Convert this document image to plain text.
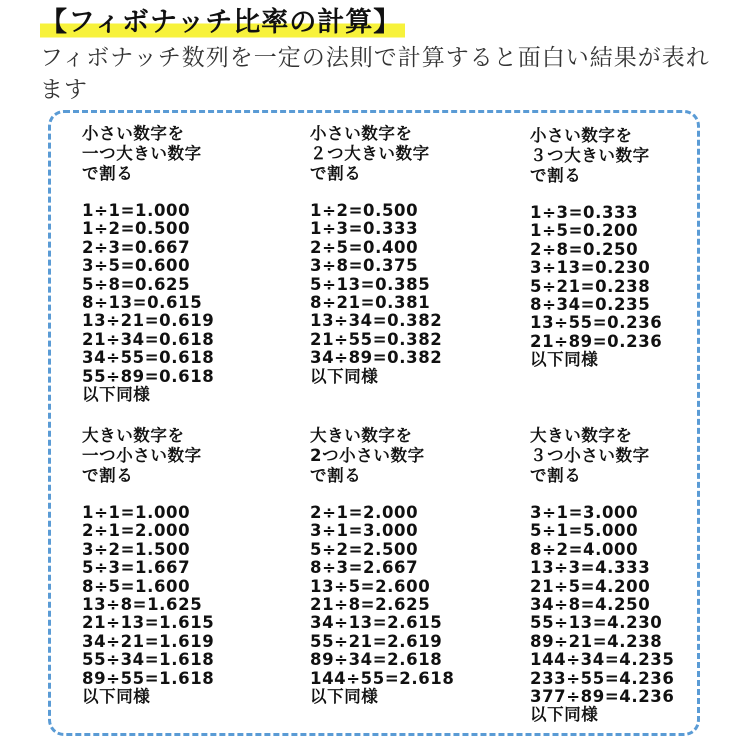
【フィボナッチ比率の計算】
フィボナッチ数列を一定の法則で計算すると面白い結果が表れます
小さい数字を
一つ大きい数字
で割る
1÷1=1.000
1÷2=0.500
2÷3=0.667
3÷5=0.600
5÷8=0.625
8÷13=0.615
13÷21=0.619
21÷34=0.618
34÷55=0.618
55÷89=0.618
以下同様
小さい数字を
２つ大きい数字
で割る
1÷2=0.500
1÷3=0.333
2÷5=0.400
3÷8=0.375
5÷13=0.385
8÷21=0.381
13÷34=0.382
21÷55=0.382
34÷89=0.382
以下同様
小さい数字を
３つ大きい数字
で割る
1÷3=0.333
1÷5=0.200
2÷8=0.250
3÷13=0.230
5÷21=0.238
8÷34=0.235
13÷55=0.236
21÷89=0.236
以下同様
大きい数字を
一つ小さい数字
で割る
1÷1=1.000
2÷1=2.000
3÷2=1.500
5÷3=1.667
8÷5=1.600
13÷8=1.625
21÷13=1.615
34÷21=1.619
55÷34=1.618
89÷55=1.618
以下同様
大きい数字を
2つ小さい数字
で割る
2÷1=2.000
3÷1=3.000
5÷2=2.500
8÷3=2.667
13÷5=2.600
21÷8=2.625
34÷13=2.615
55÷21=2.619
89÷34=2.618
144÷55=2.618
以下同様
大きい数字を
３つ小さい数字
で割る
3÷1=3.000
5÷1=5.000
8÷2=4.000
13÷3=4.333
21÷5=4.200
34÷8=4.250
55÷13=4.230
89÷21=4.238
144÷34=4.235
233÷55=4.236
377÷89=4.236
以下同様
